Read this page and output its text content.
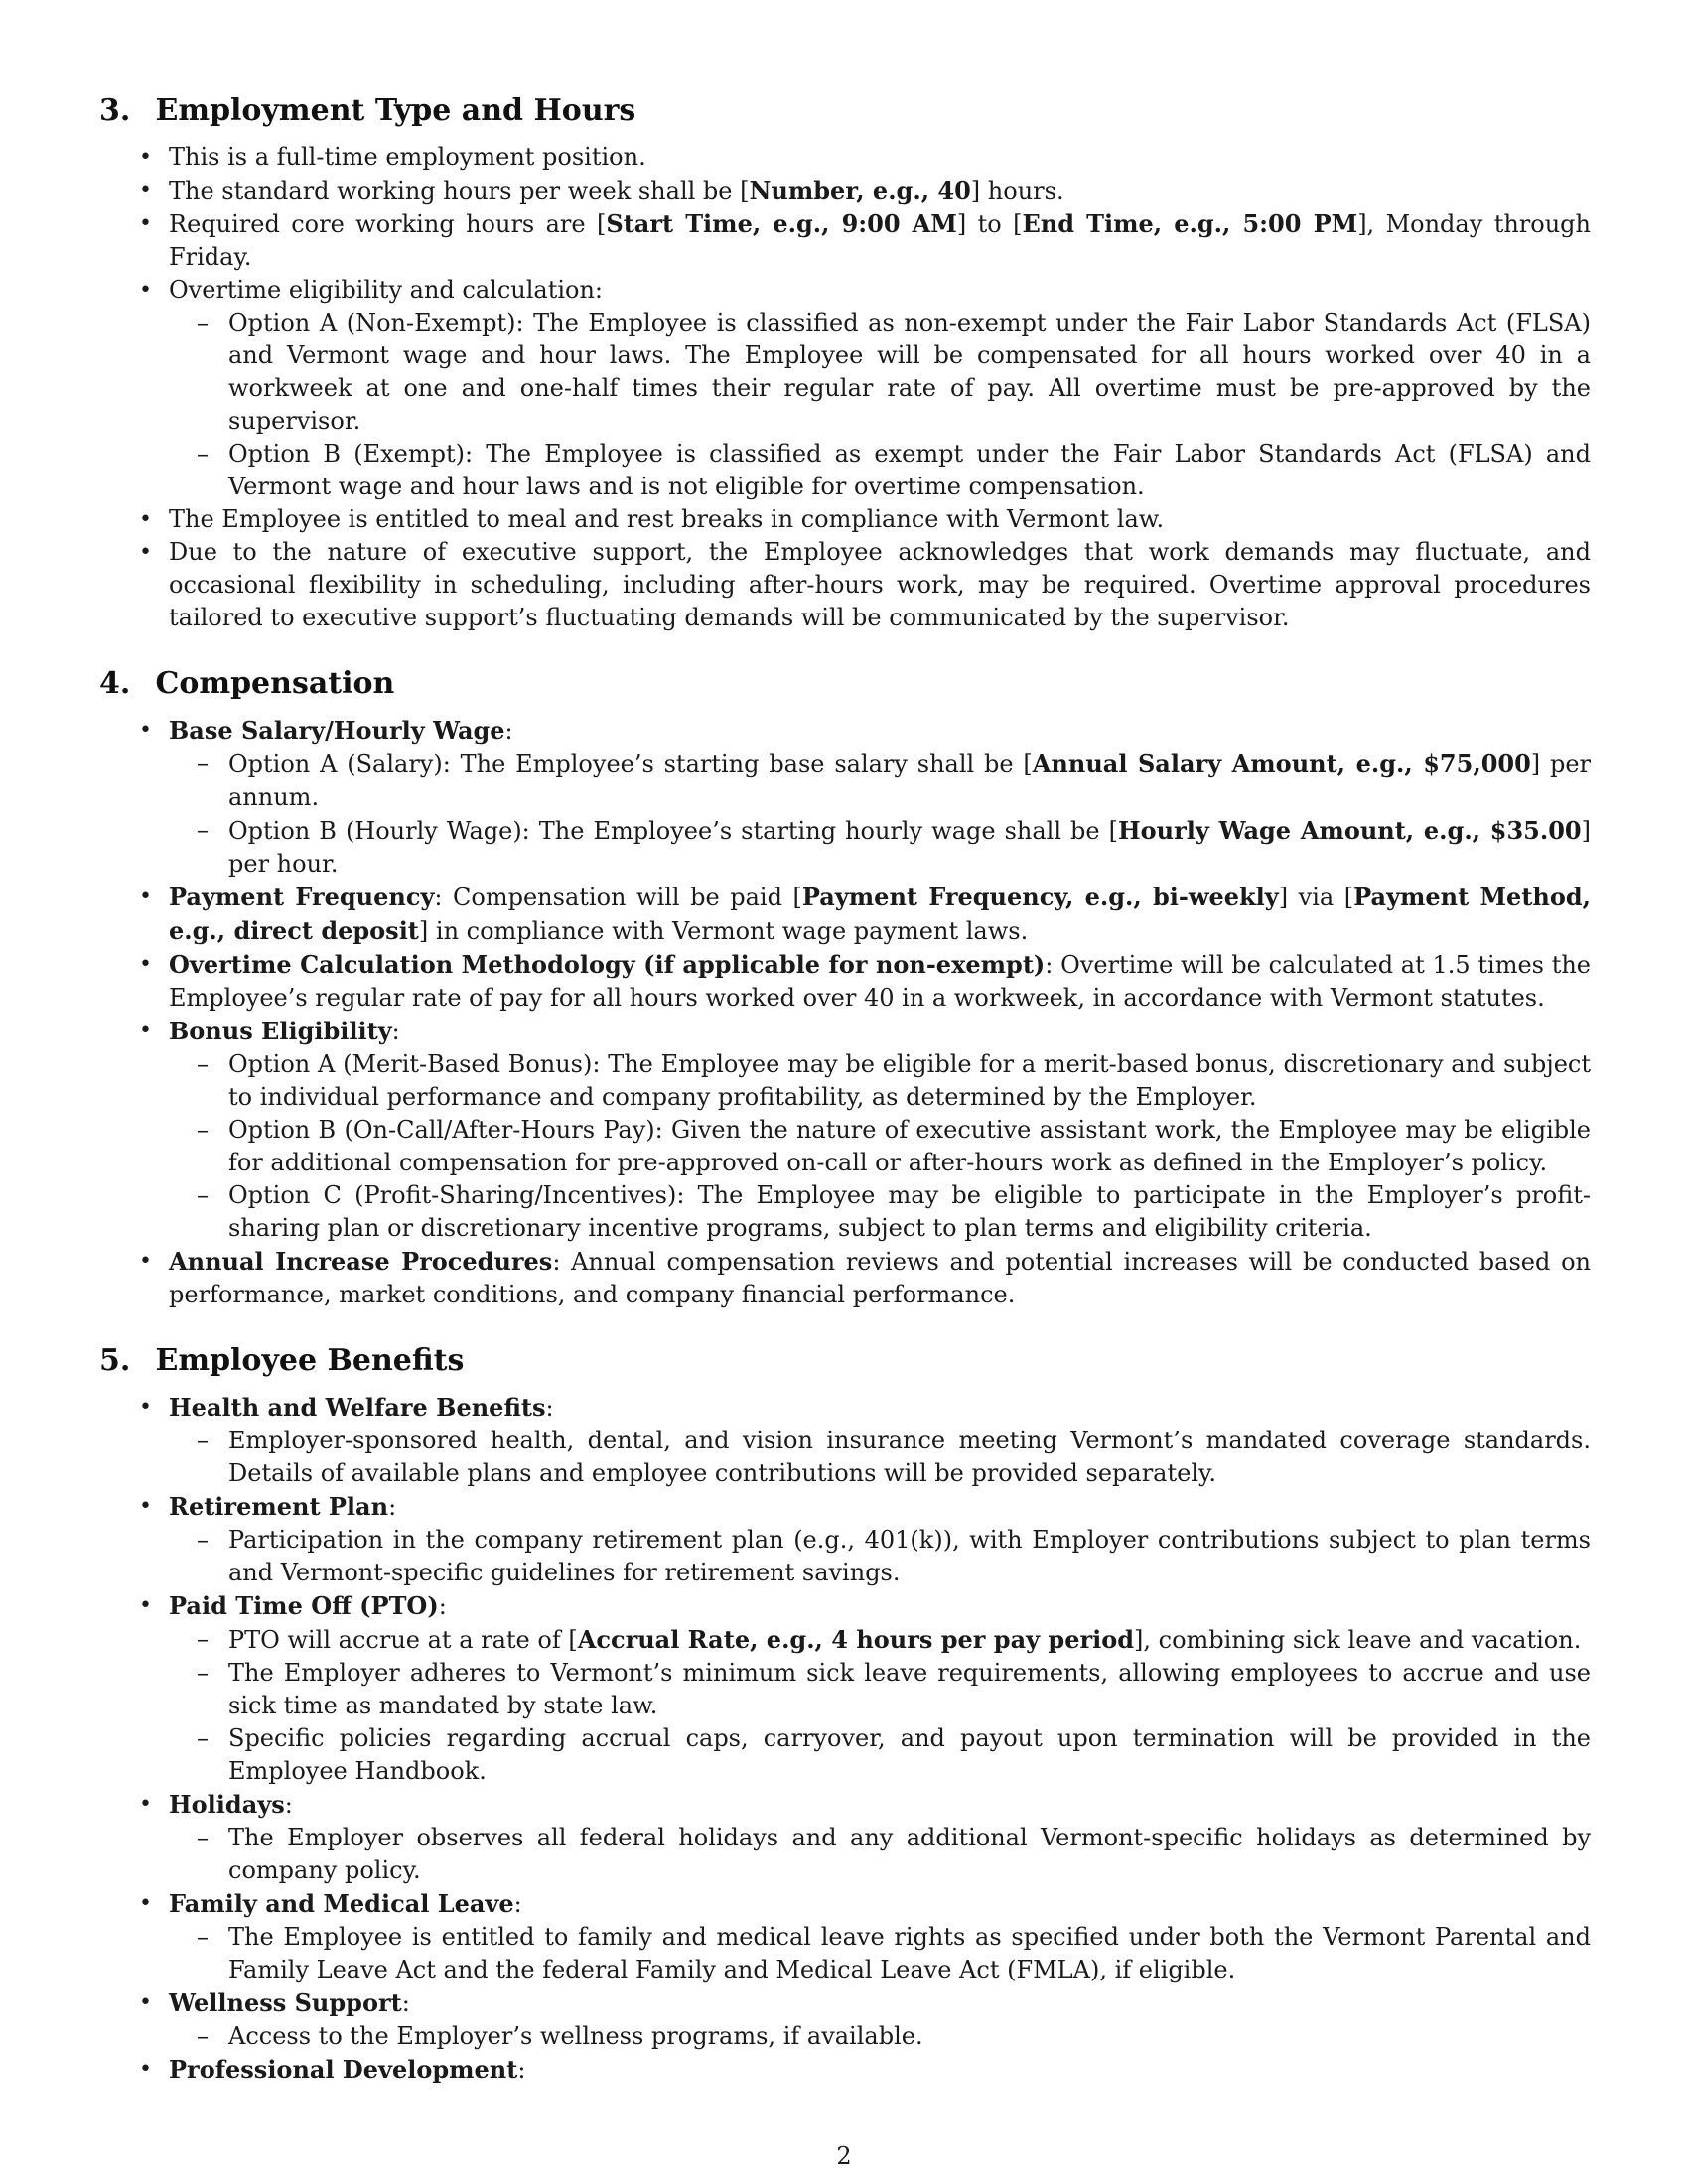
3. Employment Type and Hours
• This is a full-time employment position.
• The standard working hours per week shall be [Number, e.g., 40] hours.
• Required core working hours are [Start Time, e.g., 9:00 AM] to [End Time, e.g., 5:00 PM], Monday through Friday.
• Overtime eligibility and calculation:
– Option A (Non-Exempt): The Employee is classified as non-exempt under the Fair Labor Standards Act (FLSA) and Vermont wage and hour laws. The Employee will be compensated for all hours worked over 40 in a workweek at one and one-half times their regular rate of pay. All overtime must be pre-approved by the supervisor.
– Option B (Exempt): The Employee is classified as exempt under the Fair Labor Standards Act (FLSA) and Vermont wage and hour laws and is not eligible for overtime compensation.
• The Employee is entitled to meal and rest breaks in compliance with Vermont law.
• Due to the nature of executive support, the Employee acknowledges that work demands may fluctuate, and occasional flexibility in scheduling, including after-hours work, may be required. Overtime approval procedures tailored to executive support’s fluctuating demands will be communicated by the supervisor.
4. Compensation
• Base Salary/Hourly Wage:
– Option A (Salary): The Employee’s starting base salary shall be [Annual Salary Amount, e.g., $75,000] per annum.
– Option B (Hourly Wage): The Employee’s starting hourly wage shall be [Hourly Wage Amount, e.g., $35.00] per hour.
• Payment Frequency: Compensation will be paid [Payment Frequency, e.g., bi-weekly] via [Payment Method, e.g., direct deposit] in compliance with Vermont wage payment laws.
• Overtime Calculation Methodology (if applicable for non-exempt): Overtime will be calculated at 1.5 times the Employee’s regular rate of pay for all hours worked over 40 in a workweek, in accordance with Vermont statutes.
• Bonus Eligibility:
– Option A (Merit-Based Bonus): The Employee may be eligible for a merit-based bonus, discretionary and subject to individual performance and company profitability, as determined by the Employer.
– Option B (On-Call/After-Hours Pay): Given the nature of executive assistant work, the Employee may be eligible for additional compensation for pre-approved on-call or after-hours work as defined in the Employer’s policy.
– Option C (Profit-Sharing/Incentives): The Employee may be eligible to participate in the Employer’s profit-sharing plan or discretionary incentive programs, subject to plan terms and eligibility criteria.
• Annual Increase Procedures: Annual compensation reviews and potential increases will be conducted based on performance, market conditions, and company financial performance.
5. Employee Benefits
• Health and Welfare Benefits:
– Employer-sponsored health, dental, and vision insurance meeting Vermont’s mandated coverage standards. Details of available plans and employee contributions will be provided separately.
• Retirement Plan:
– Participation in the company retirement plan (e.g., 401(k)), with Employer contributions subject to plan terms and Vermont-specific guidelines for retirement savings.
• Paid Time Off (PTO):
– PTO will accrue at a rate of [Accrual Rate, e.g., 4 hours per pay period], combining sick leave and vacation.
– The Employer adheres to Vermont’s minimum sick leave requirements, allowing employees to accrue and use sick time as mandated by state law.
– Specific policies regarding accrual caps, carryover, and payout upon termination will be provided in the Employee Handbook.
• Holidays:
– The Employer observes all federal holidays and any additional Vermont-specific holidays as determined by company policy.
• Family and Medical Leave:
– The Employee is entitled to family and medical leave rights as specified under both the Vermont Parental and Family Leave Act and the federal Family and Medical Leave Act (FMLA), if eligible.
• Wellness Support:
– Access to the Employer’s wellness programs, if available.
• Professional Development:
2
